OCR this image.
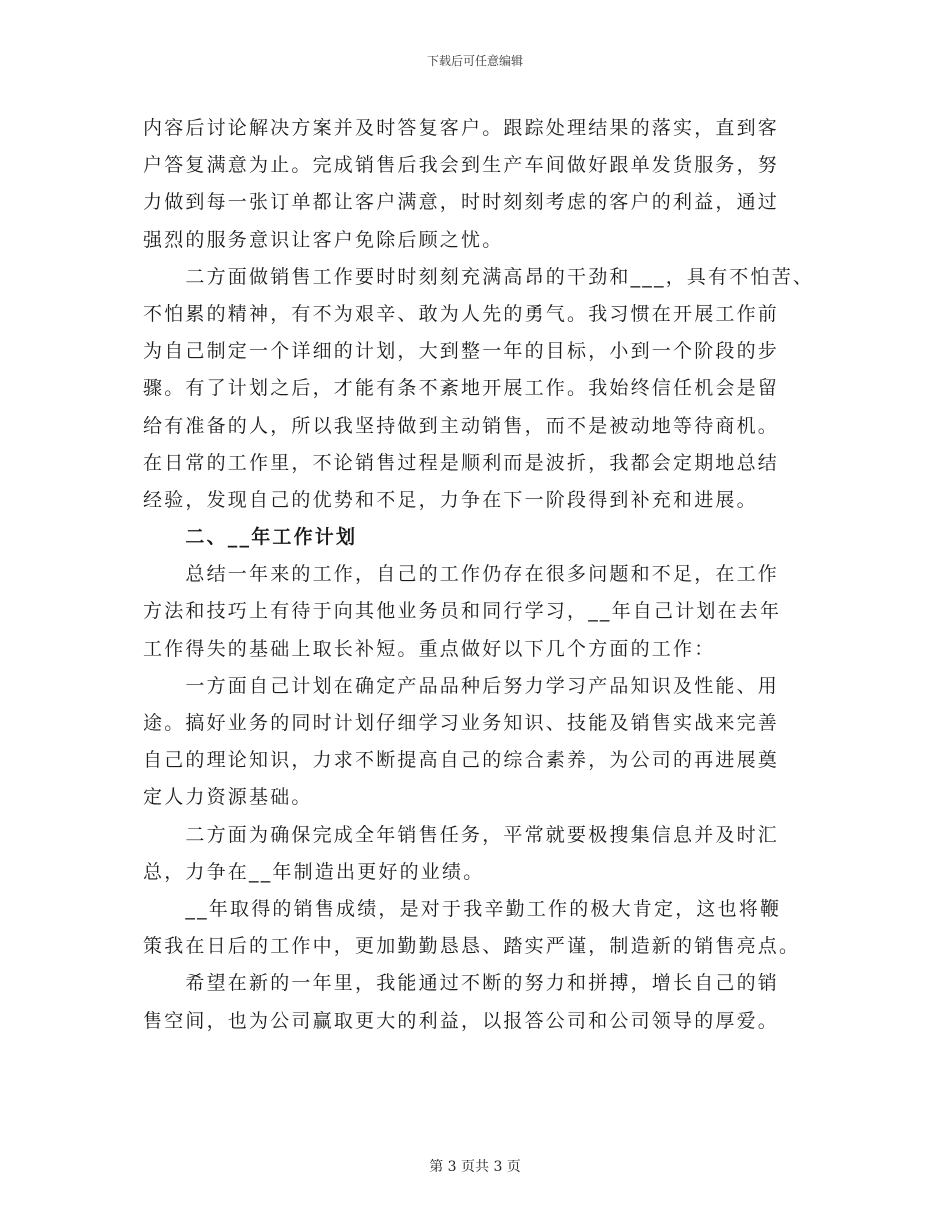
下载后可任意编辑
内容后讨论解决方案并及时答复客户。跟踪处理结果的落实，直到客
户答复满意为止。完成销售后我会到生产车间做好跟单发货服务，努
力做到每一张订单都让客户满意，时时刻刻考虑的客户的利益，通过
强烈的服务意识让客户免除后顾之忧。
　　二方面做销售工作要时时刻刻充满高昂的干劲和___，具有不怕苦、
不怕累的精神，有不为艰辛、敢为人先的勇气。我习惯在开展工作前
为自己制定一个详细的计划，大到整一年的目标，小到一个阶段的步
骤。有了计划之后，才能有条不紊地开展工作。我始终信任机会是留
给有准备的人，所以我坚持做到主动销售，而不是被动地等待商机。
在日常的工作里，不论销售过程是顺利而是波折，我都会定期地总结
经验，发现自己的优势和不足，力争在下一阶段得到补充和进展。
　　二、__年工作计划
　　总结一年来的工作，自己的工作仍存在很多问题和不足，在工作
方法和技巧上有待于向其他业务员和同行学习，__年自己计划在去年
工作得失的基础上取长补短。重点做好以下几个方面的工作：
　　一方面自己计划在确定产品品种后努力学习产品知识及性能、用
途。搞好业务的同时计划仔细学习业务知识、技能及销售实战来完善
自己的理论知识，力求不断提高自己的综合素养，为公司的再进展奠
定人力资源基础。
　　二方面为确保完成全年销售任务，平常就要极搜集信息并及时汇
总，力争在__年制造出更好的业绩。
　　__年取得的销售成绩，是对于我辛勤工作的极大肯定，这也将鞭
策我在日后的工作中，更加勤勤恳恳、踏实严谨，制造新的销售亮点。
　　希望在新的一年里，我能通过不断的努力和拼搏，增长自己的销
售空间，也为公司赢取更大的利益，以报答公司和公司领导的厚爱。
第 3 页共 3 页
